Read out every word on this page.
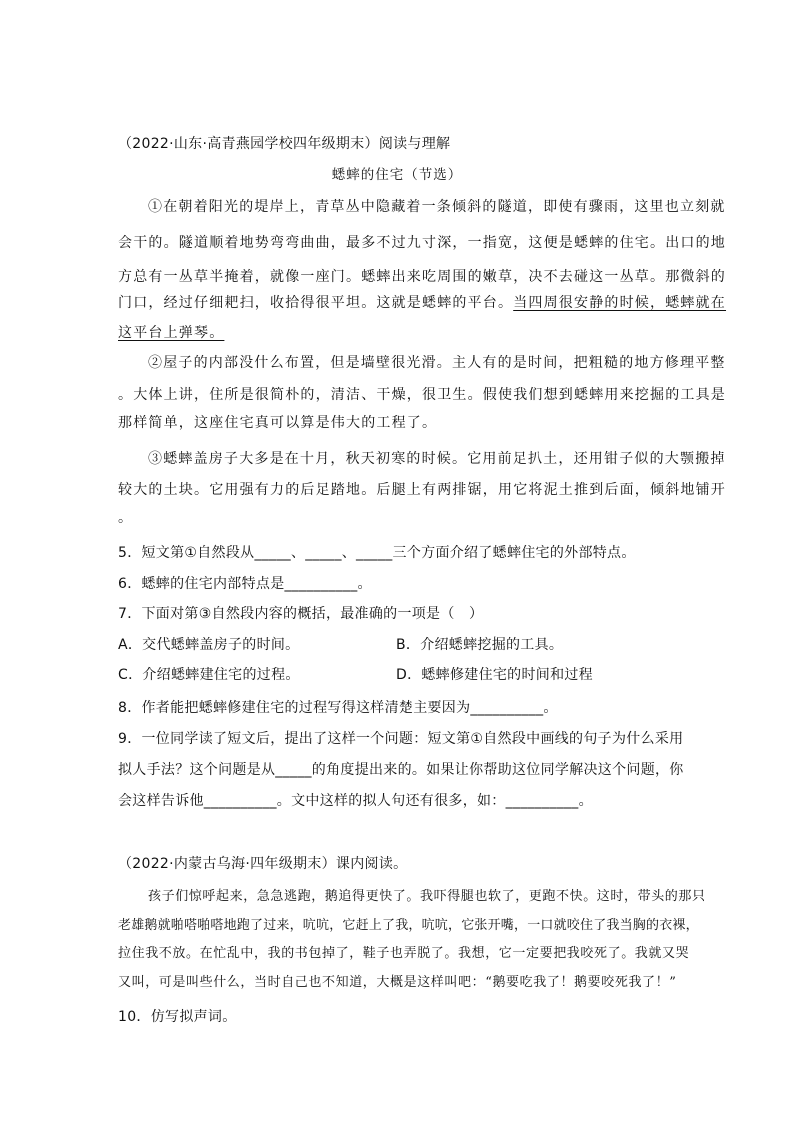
（2022·山东·高青燕园学校四年级期末）阅读与理解
蟋蟀的住宅（节选）
①在朝着阳光的堤岸上，青草丛中隐藏着一条倾斜的隧道，即使有骤雨，这里也立刻就
会干的。隧道顺着地势弯弯曲曲，最多不过九寸深，一指宽，这便是蟋蟀的住宅。出口的地
方总有一丛草半掩着，就像一座门。蟋蟀出来吃周围的嫩草，决不去碰这一丛草。那微斜的
门口，经过仔细耙扫，收拾得很平坦。这就是蟋蟀的平台。当四周很安静的时候，蟋蟀就在
这平台上弹琴。
②屋子的内部没什么布置，但是墙壁很光滑。主人有的是时间，把粗糙的地方修理平整
。大体上讲，住所是很简朴的，清洁、干燥，很卫生。假使我们想到蟋蟀用来挖掘的工具是
那样简单，这座住宅真可以算是伟大的工程了。
③蟋蟀盖房子大多是在十月，秋天初寒的时候。它用前足扒土，还用钳子似的大颚搬掉
较大的土块。它用强有力的后足踏地。后腿上有两排锯，用它将泥土推到后面，倾斜地铺开
。
5．短文第①自然段从_____、_____、_____三个方面介绍了蟋蟀住宅的外部特点。
6．蟋蟀的住宅内部特点是__________。
7．下面对第③自然段内容的概括，最准确的一项是（　）
A．交代蟋蟀盖房子的时间。	B．介绍蟋蟀挖掘的工具。
C．介绍蟋蟀建住宅的过程。	D．蟋蟀修建住宅的时间和过程
8．作者能把蟋蟀修建住宅的过程写得这样清楚主要因为__________。
9．一位同学读了短文后，提出了这样一个问题：短文第①自然段中画线的句子为什么采用
拟人手法？这个问题是从_____的角度提出来的。如果让你帮助这位同学解决这个问题，你
会这样告诉他__________。文中这样的拟人句还有很多，如：__________。
（2022·内蒙古乌海·四年级期末）课内阅读。
孩子们惊呼起来，急急逃跑，鹅追得更快了。我吓得腿也软了，更跑不快。这时，带头的那只
老雄鹅就啪嗒啪嗒地跑了过来，吭吭，它赶上了我，吭吭，它张开嘴，一口就咬住了我当胸的衣裸，
拉住我不放。在忙乱中，我的书包掉了，鞋子也弄脱了。我想，它一定要把我咬死了。我就又哭
又叫，可是叫些什么，当时自己也不知道，大概是这样叫吧：“鹅要吃我了！鹅要咬死我了！”
10．仿写拟声词。
